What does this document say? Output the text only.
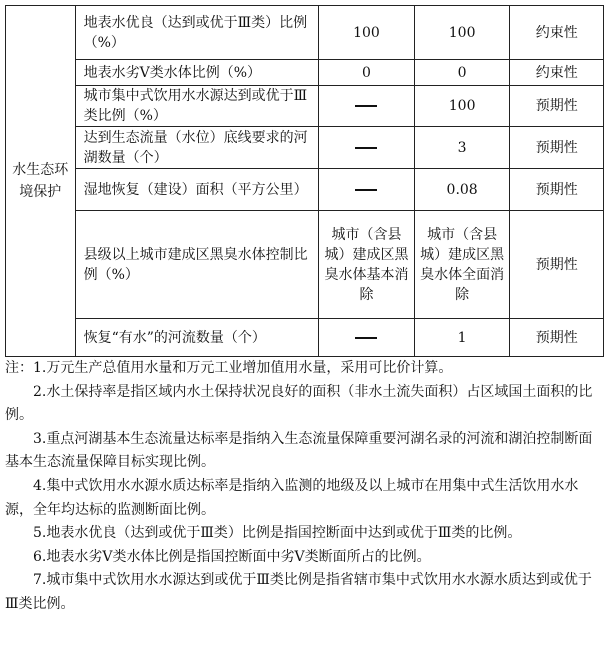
水生态环境保护	地表水优良（达到或优于Ⅲ类）比例（%）	100	100	约束性
	地表水劣Ⅴ类水体比例（%）	0	0	约束性
	城市集中式饮用水水源达到或优于Ⅲ类比例（%）		100	预期性
	达到生态流量（水位）底线要求的河湖数量（个）		3	预期性
	湿地恢复（建设）面积（平方公里）		0.08	预期性
	县级以上城市建成区黑臭水体控制比例（%）	城市（含县城）建成区黑臭水体基本消除	城市（含县城）建成区黑臭水体全面消除	预期性
	恢复“有水”的河流数量（个）		1	预期性

注：1.万元生产总值用水量和万元工业增加值用水量，采用可比价计算。

2.水土保持率是指区域内水土保持状况良好的面积（非水土流失面积）占区域国土面积的比例。

3.重点河湖基本生态流量达标率是指纳入生态流量保障重要河湖名录的河流和湖泊控制断面基本生态流量保障目标实现比例。

4.集中式饮用水水源水质达标率是指纳入监测的地级及以上城市在用集中式生活饮用水水源，全年均达标的监测断面比例。

5.地表水优良（达到或优于Ⅲ类）比例是指国控断面中达到或优于Ⅲ类的比例。

6.地表水劣Ⅴ类水体比例是指国控断面中劣Ⅴ类断面所占的比例。

7.城市集中式饮用水水源达到或优于Ⅲ类比例是指省辖市集中式饮用水水源水质达到或优于Ⅲ类比例。
